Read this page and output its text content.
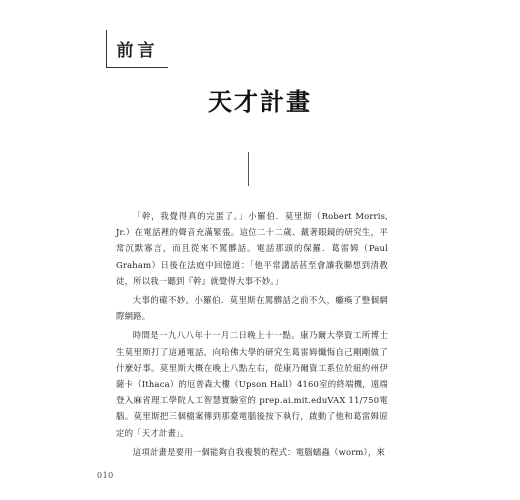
前言
天才計畫

「幹，我覺得真的完蛋了。」小羅伯．莫里斯（Robert Morris, Jr.）在電話裡的聲音充滿緊張。這位二十二歲、戴著眼鏡的研究生，平常沉默寡言，而且從來不罵髒話。電話那頭的保羅．葛雷姆（Paul Graham）日後在法庭中回憶道：「他平常講話甚至會讓我聯想到清教徒，所以我一聽到『幹』就覺得大事不妙。」

大事的確不妙。小羅伯．莫里斯在罵髒話之前不久，癱瘓了整個網際網路。

時間是一九八八年十一月二日晚上十一點。康乃爾大學資工所博士生莫里斯打了這通電話，向哈佛大學的研究生葛雷姆懺悔自己剛剛做了什麼好事。莫里斯大概在晚上八點左右，從康乃爾資工系位於紐約州伊薩卡（Ithaca）的厄普森大樓（Upson Hall）4160室的終端機，遠端登入麻省理工學院人工智慧實驗室的 prep.ai.mit.eduVAX 11/750電腦。莫里斯把三個檔案傳到那臺電腦後按下執行，啟動了他和葛雷姆原定的「天才計畫」。

這項計畫是要用一個能夠自我複製的程式：電腦蠕蟲（worm），來

010
